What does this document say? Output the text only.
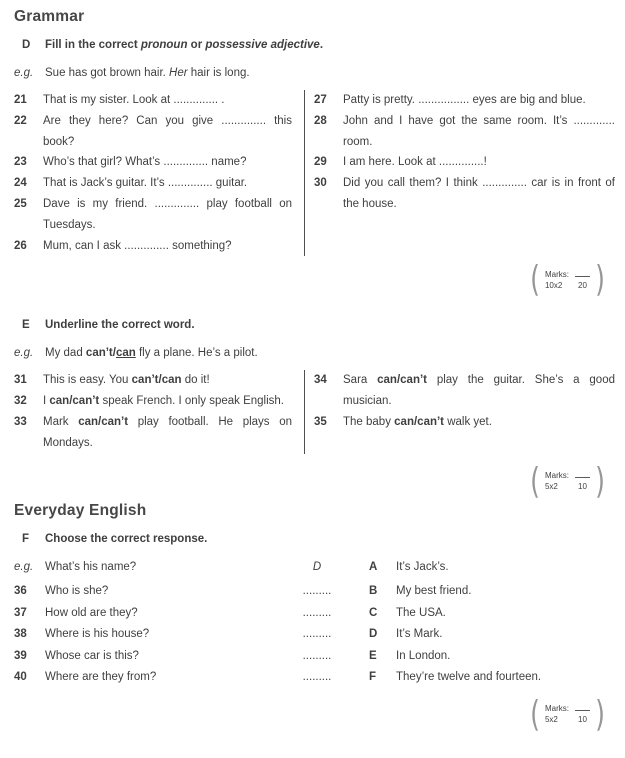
Grammar
D	Fill in the correct pronoun or possessive adjective.
e.g.	Sue has got brown hair. Her hair is long.
21	That is my sister. Look at .............. .
22	Are they here? Can you give .............. this book?
23	Who’s that girl? What’s .............. name?
24	That is Jack’s guitar. It’s .............. guitar.
25	Dave is my friend. .............. play football on Tuesdays.
26	Mum, can I ask .............. something?
27	Patty is pretty. ................ eyes are big and blue.
28	John and I have got the same room. It’s ............. room.
29	I am here. Look at ..............!
30	Did you call them? I think .............. car is in front of the house.
( Marks:
10x2	20 )
E	Underline the correct word.
e.g.	My dad can’t/can fly a plane. He’s a pilot.
31	This is easy. You can’t/can do it!
32	I can/can’t speak French. I only speak English.
33	Mark can/can’t play football. He plays on Mondays.
34	Sara can/can’t play the guitar. She’s a good musician.
35	The baby can/can’t walk yet.
( Marks:
5x2	10 )
Everyday English
F	Choose the correct response.
e.g.	What’s his name?	D	A	It’s Jack’s.
36	Who is she?	.........	B	My best friend.
37	How old are they?	.........	C	The USA.
38	Where is his house?	.........	D	It’s Mark.
39	Whose car is this?	.........	E	In London.
40	Where are they from?	.........	F	They’re twelve and fourteen.
( Marks:
5x2	10 )
